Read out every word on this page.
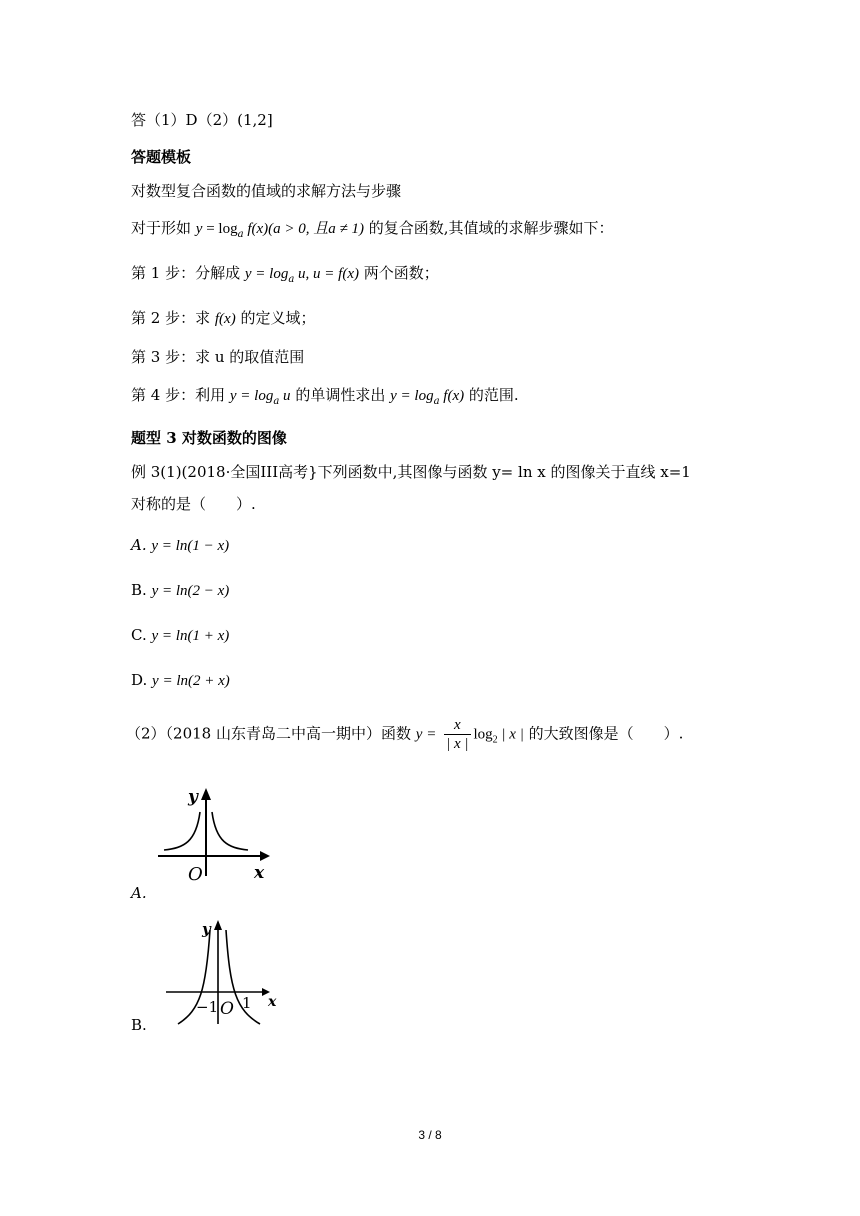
答（1）D（2）(1,2]
答题模板
对数型复合函数的值域的求解方法与步骤
对于形如 $y = \log_a f(x)(a > 0$, 且a ≠ 1) 的复合函数,其值域的求解步骤如下：
第 1 步：分解成 $y = \log_a u$, u = f(x) 两个函数；
第 2 步：求 f(x) 的定义域；
第 3 步：求 u 的取值范围
第 4 步：利用 $y = \log_a u$ 的单调性求出 $y = \log_a f(x)$ 的范围.
题型 3 对数函数的图像
例 3(1)(2018·全国III高考}下列函数中,其图像与函数 y= ln x 的图像关于直线 x=1
对称的是（　　）.
A. y = ln(1 − x)
B. y = ln(2 − x)
C. y = ln(1 + x)
D. y = ln(2 + x)
（2）（2018 山东青岛二中高一期中）函数 $y = \frac{x}{| x |} \log_2$ | x | 的大致图像是（　　）.
y
x
O
A.
y
x
−1 O 1
B.
3 / 8
